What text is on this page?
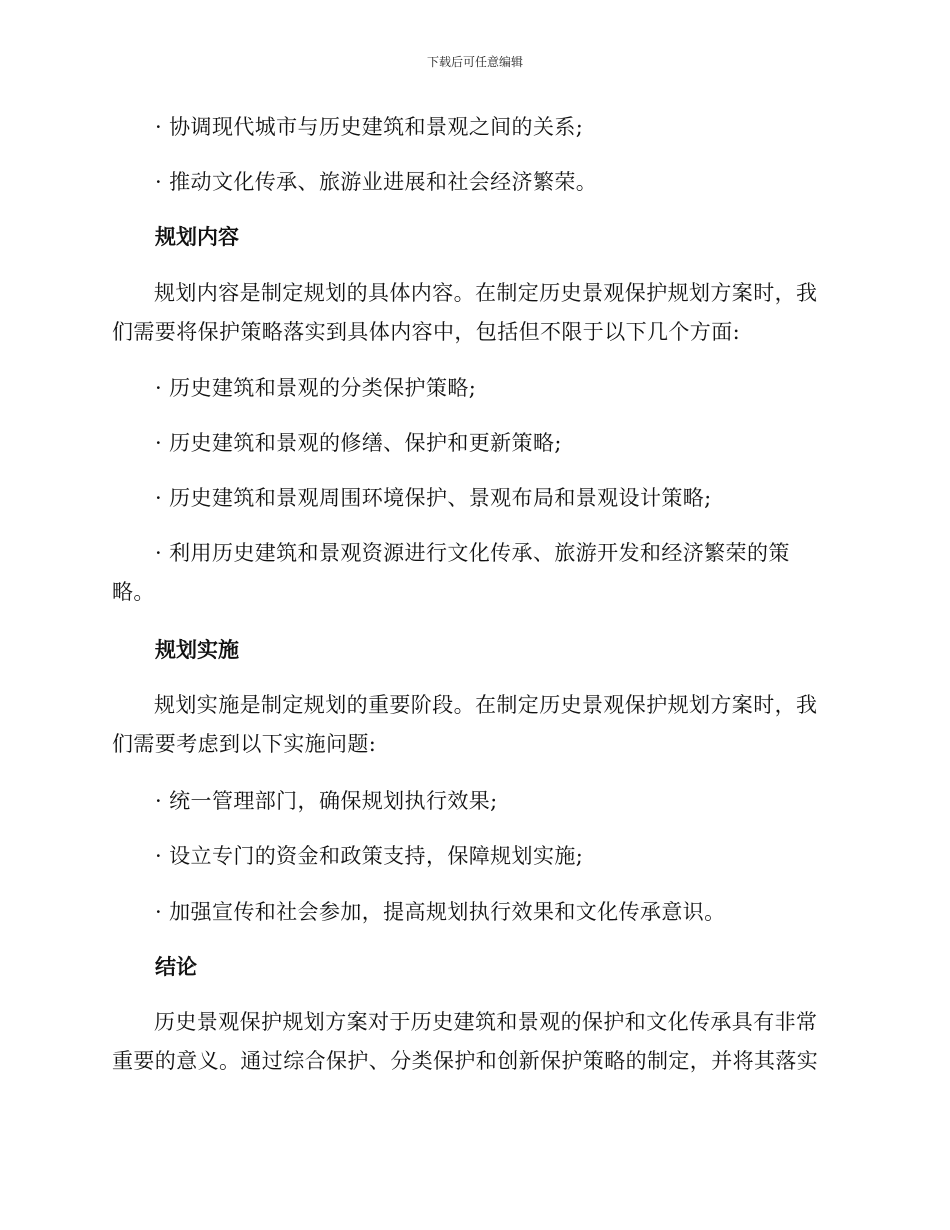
下载后可任意编辑
· 协调现代城市与历史建筑和景观之间的关系;
· 推动文化传承、旅游业进展和社会经济繁荣。
规划内容
规划内容是制定规划的具体内容。在制定历史景观保护规划方案时，我们需要将保护策略落实到具体内容中，包括但不限于以下几个方面:
· 历史建筑和景观的分类保护策略;
· 历史建筑和景观的修缮、保护和更新策略;
· 历史建筑和景观周围环境保护、景观布局和景观设计策略;
· 利用历史建筑和景观资源进行文化传承、旅游开发和经济繁荣的策略。
规划实施
规划实施是制定规划的重要阶段。在制定历史景观保护规划方案时，我们需要考虑到以下实施问题:
· 统一管理部门，确保规划执行效果;
· 设立专门的资金和政策支持，保障规划实施;
· 加强宣传和社会参加，提高规划执行效果和文化传承意识。
结论
历史景观保护规划方案对于历史建筑和景观的保护和文化传承具有非常重要的意义。通过综合保护、分类保护和创新保护策略的制定，并将其落实
